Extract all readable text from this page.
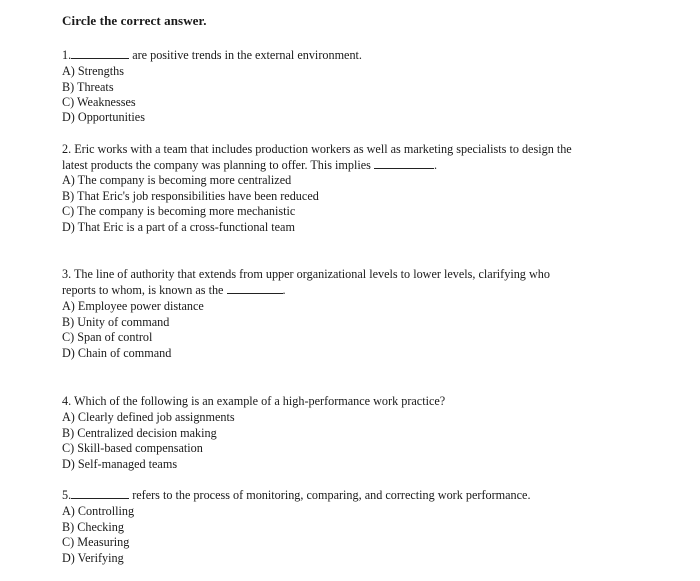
Circle the correct answer.
1.	are positive trends in the external environment.
A) Strengths
B) Threats
C) Weaknesses
D) Opportunities
2. Eric works with a team that includes production workers as well as marketing specialists to design the
latest products the company was planning to offer. This implies	.
A) The company is becoming more centralized
B) That Eric's job responsibilities have been reduced
C) The company is becoming more mechanistic
D) That Eric is a part of a cross-functional team
3. The line of authority that extends from upper organizational levels to lower levels, clarifying who
reports to whom, is known as the	.
A) Employee power distance
B) Unity of command
C) Span of control
D) Chain of command
4. Which of the following is an example of a high-performance work practice?
A) Clearly defined job assignments
B) Centralized decision making
C) Skill-based compensation
D) Self-managed teams
5.	refers to the process of monitoring, comparing, and correcting work performance.
A) Controlling
B) Checking
C) Measuring
D) Verifying
